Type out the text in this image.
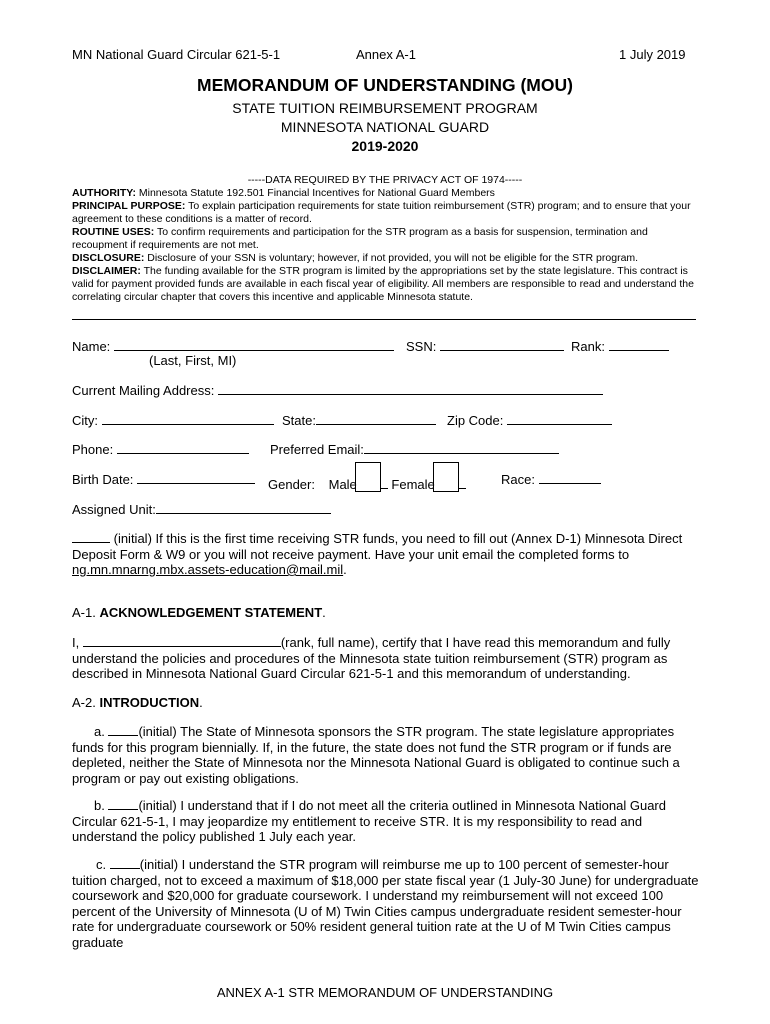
MN National Guard Circular 621-5-1	Annex A-1	1 July 2019
MEMORANDUM OF UNDERSTANDING (MOU)
STATE TUITION REIMBURSEMENT PROGRAM
MINNESOTA NATIONAL GUARD
2019-2020
-----DATA REQUIRED BY THE PRIVACY ACT OF 1974-----
AUTHORITY: Minnesota Statute 192.501 Financial Incentives for National Guard Members
PRINCIPAL PURPOSE: To explain participation requirements for state tuition reimbursement (STR) program; and to ensure that your agreement to these conditions is a matter of record.
ROUTINE USES: To confirm requirements and participation for the STR program as a basis for suspension, termination and recoupment if requirements are not met.
DISCLOSURE: Disclosure of your SSN is voluntary; however, if not provided, you will not be eligible for the STR program.
DISCLAIMER: The funding available for the STR program is limited by the appropriations set by the state legislature. This contract is valid for payment provided funds are available in each fiscal year of eligibility. All members are responsible to read and understand the correlating circular chapter that covers this incentive and applicable Minnesota statute.
Name:	SSN:	Rank:
(Last, First, MI)
Current Mailing Address:
City:	State:	Zip Code:
Phone:	Preferred Email:
Birth Date:	Gender: Male	Female	Race:
Assigned Unit:
(initial) If this is the first time receiving STR funds, you need to fill out (Annex D-1) Minnesota Direct Deposit Form & W9 or you will not receive payment. Have your unit email the completed forms to ng.mn.mnarng.mbx.assets-education@mail.mil.
A-1. ACKNOWLEDGEMENT STATEMENT.
I,	(rank, full name), certify that I have read this memorandum and fully understand the policies and procedures of the Minnesota state tuition reimbursement (STR) program as described in Minnesota National Guard Circular 621-5-1 and this memorandum of understanding.
A-2. INTRODUCTION.
a.	(initial) The State of Minnesota sponsors the STR program. The state legislature appropriates funds for this program biennially. If, in the future, the state does not fund the STR program or if funds are depleted, neither the State of Minnesota nor the Minnesota National Guard is obligated to continue such a program or pay out existing obligations.
b.	(initial) I understand that if I do not meet all the criteria outlined in Minnesota National Guard Circular 621-5-1, I may jeopardize my entitlement to receive STR. It is my responsibility to read and understand the policy published 1 July each year.
c.	(initial) I understand the STR program will reimburse me up to 100 percent of semester-hour tuition charged, not to exceed a maximum of $18,000 per state fiscal year (1 July-30 June) for undergraduate coursework and $20,000 for graduate coursework. I understand my reimbursement will not exceed 100 percent of the University of Minnesota (U of M) Twin Cities campus undergraduate resident semester-hour rate for undergraduate coursework or 50% resident general tuition rate at the U of M Twin Cities campus graduate
ANNEX A-1 STR MEMORANDUM OF UNDERSTANDING
